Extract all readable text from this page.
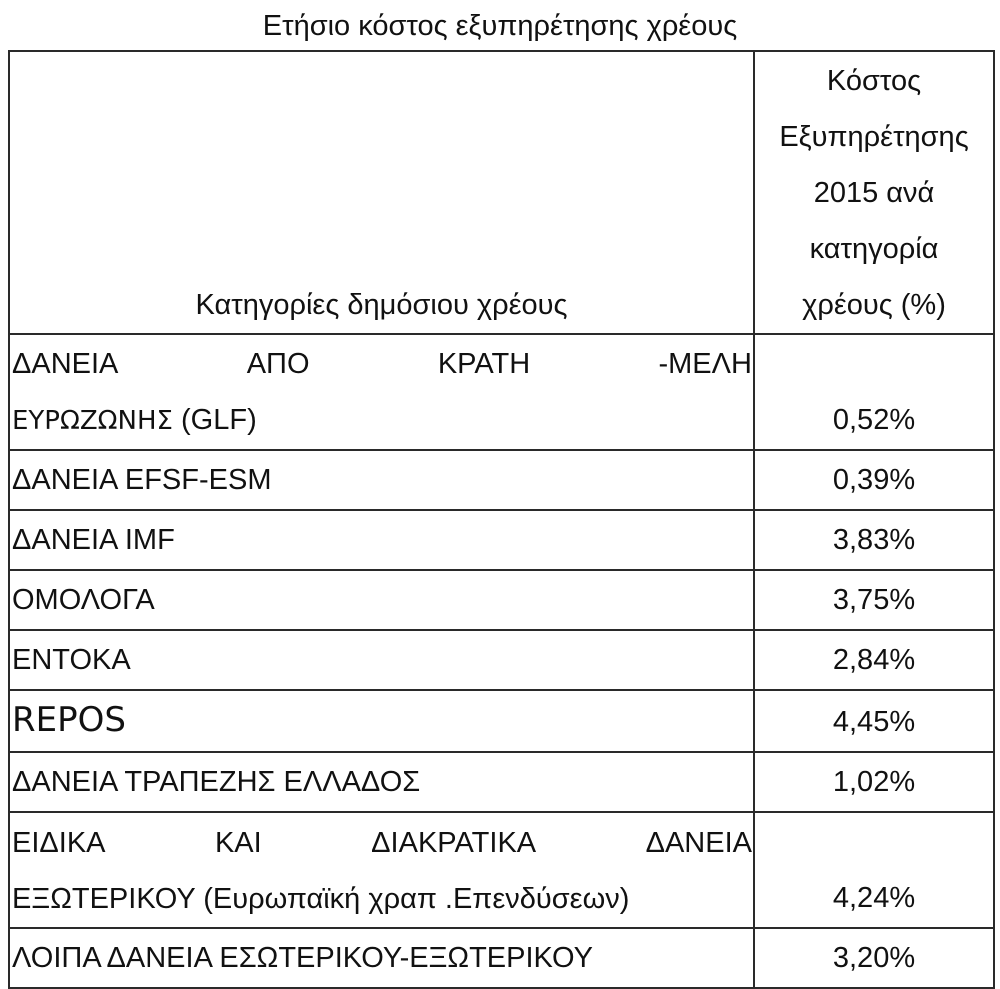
Ετήσιο κόστος εξυπηρέτησης χρέους
Κατηγορίες δημόσιου χρέους	Κόστος
Εξυπηρέτησης
2015 ανά
κατηγορία
χρέους (%)

ΔΑΝΕΙΑ ΑΠΟ ΚΡΑΤΗ -ΜΕΛΗ
ΕΥΡΩΖΩΝΗΣ (GLF)	0,52%
ΔΑΝΕΙΑ EFSF-ESM	0,39%
ΔΑΝΕΙΑ IMF	3,83%
ΟΜΟΛΟΓΑ	3,75%
ΕΝΤΟΚΑ	2,84%
REPOS	4,45%
ΔΑΝΕΙΑ ΤΡΑΠΕΖΗΣ ΕΛΛΑΔΟΣ	1,02%

ΕΙΔΙΚΑ ΚΑΙ ΔΙΑΚΡΑΤΙΚΑ ΔΑΝΕΙΑ
ΕΞΩΤΕΡΙΚΟΥ (Ευρωπαϊκή χραπ .Επενδύσεων)	4,24%
ΛΟΙΠΑ ΔΑΝΕΙΑ ΕΣΩΤΕΡΙΚΟΥ-ΕΞΩΤΕΡΙΚΟΥ	3,20%
